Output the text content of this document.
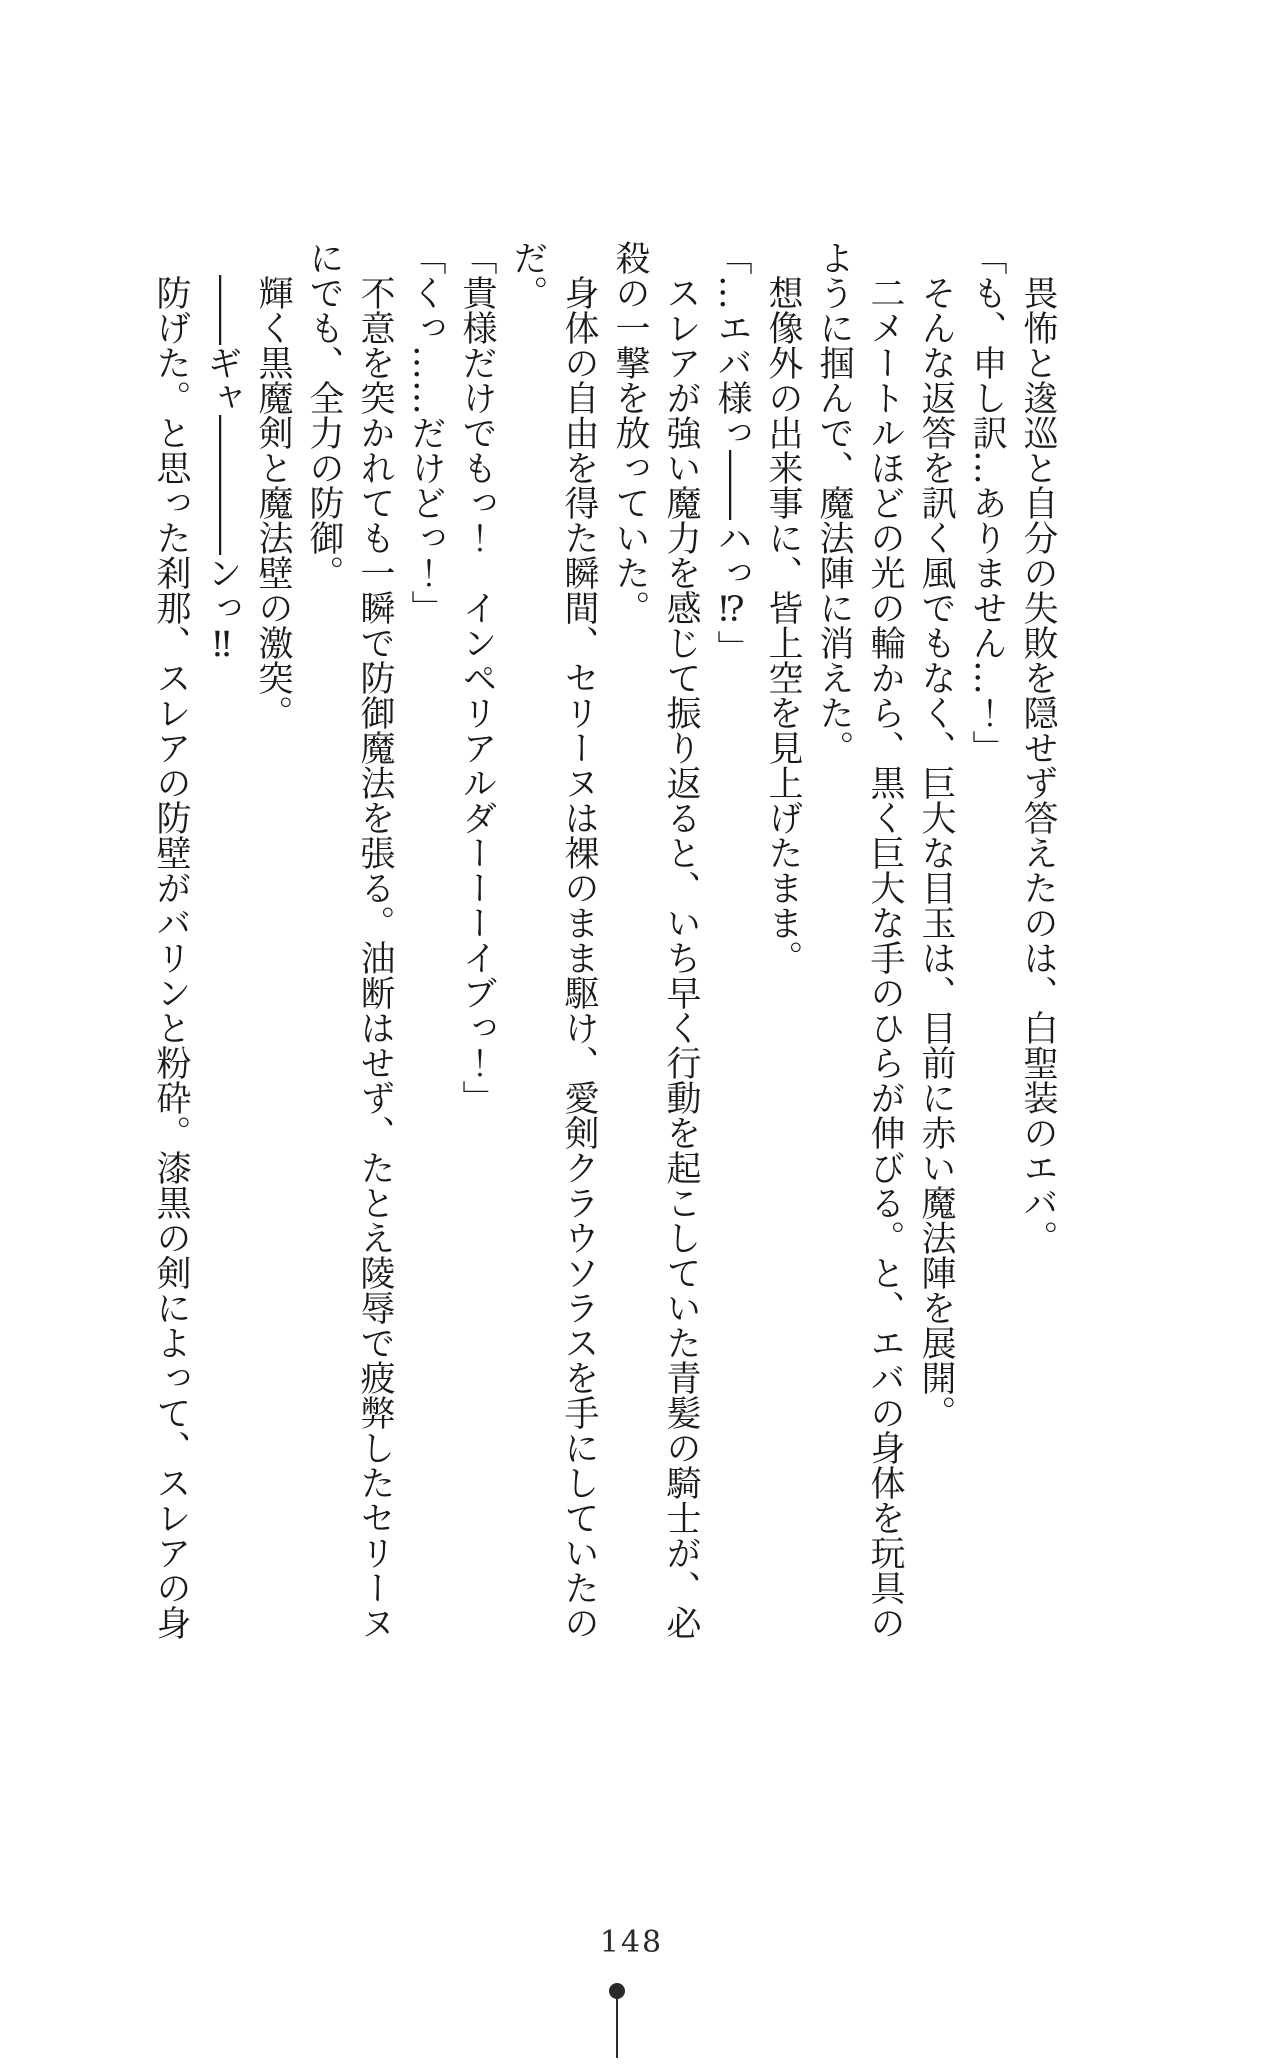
畏怖と逡巡と自分の失敗を隠せず答えたのは、白聖装のエバ。
「も、申し訳…ありません…！」
そんな返答を訊く風でもなく、巨大な目玉は、目前に赤い魔法陣を展開。
二メートルほどの光の輪から、黒く巨大な手のひらが伸びる。と、エバの身体を玩具の
ように掴んで、魔法陣に消えた。
想像外の出来事に、皆上空を見上げたまま。
「…エバ様っ――ハっ⁉」
スレアが強い魔力を感じて振り返ると、いち早く行動を起こしていた青髪の騎士が、必
殺の一撃を放っていた。
身体の自由を得た瞬間、セリーヌは裸のまま駆け、愛剣クラウソラスを手にしていたの
だ。
「貴様だけでもっ！　インペリアルダーーーイブっ！」
「くっ……だけどっ！」
不意を突かれても一瞬で防御魔法を張る。油断はせず、たとえ陵辱で疲弊したセリーヌ
にでも、全力の防御。
輝く黒魔剣と魔法壁の激突。
――ギャ――――ンっ‼
防げた。と思った刹那、スレアの防壁がバリンと粉砕。漆黒の剣によって、スレアの身
148
